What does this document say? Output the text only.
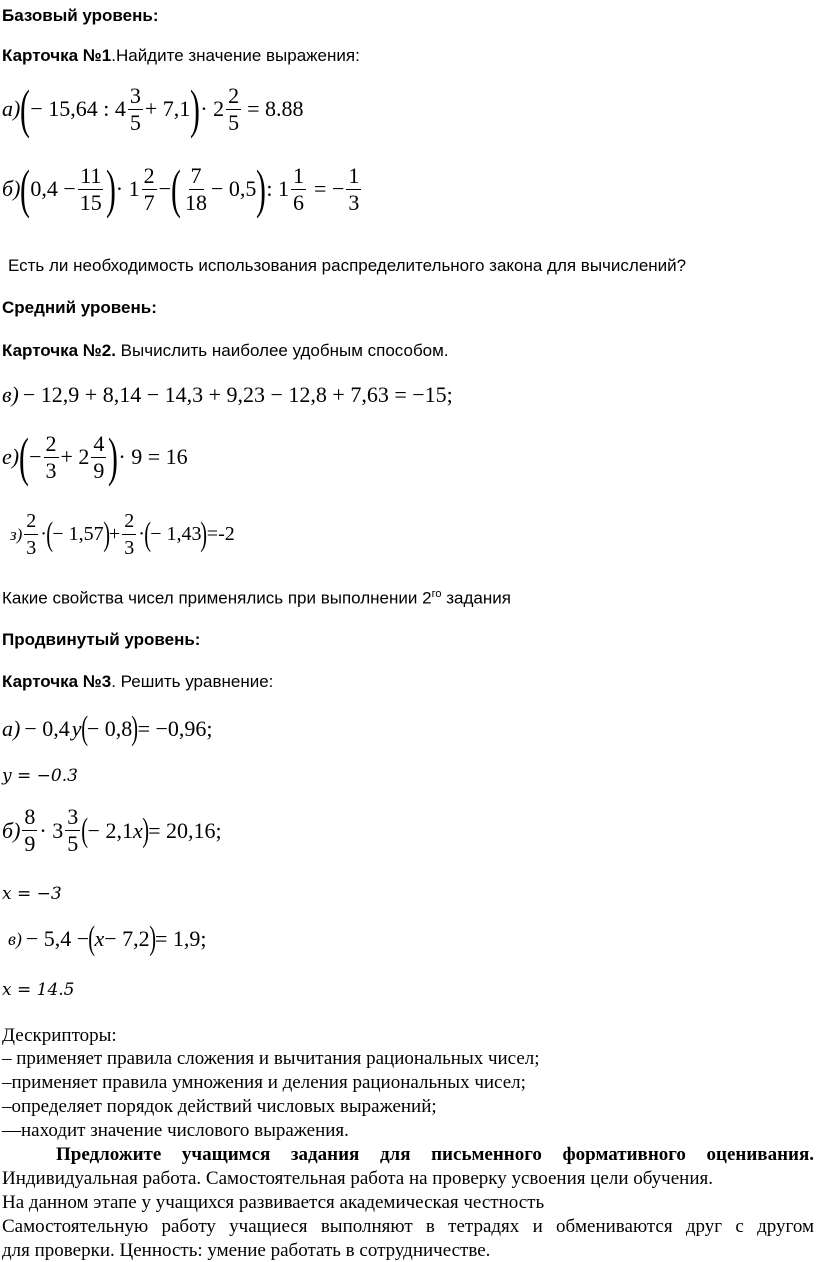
Базовый уровень:
Карточка №1.Найдите значение выражения:
а) ( − 15,64 : $4 \frac{3}{5} + 7,1$ ) · $2 \frac{2}{5} = 8.88$
б) ( $0,4 - \frac{11}{15}$ ) · $1 \frac{2}{7}$ − ( $\frac{7}{18} - 0,5$ ) : $1 \frac{1}{6}$ = − $\frac{1}{3}$
Есть ли необходимость использования распределительного закона для вычислений?
Средний уровень:
Карточка №2. Вычислить наиболее удобным способом.
в) − 12,9 + 8,14 − 14,3 + 9,23 − 12,8 + 7,63 = −15;
е) ( − $\frac{2}{3} + 2 \frac{4}{9}$ ) · 9 = 16
$з) \frac{2}{3}$ · ( − 1,57 ) + $\frac{2}{3}$ · ( − 1,43 ) =-2
Какие свойства чисел применялись при выполнении $2^{го}$ задания
Продвинутый уровень:
Карточка №3. Решить уравнение:
а) − 0,4 y ( − 0,8 ) = −0,96;
y = −0.3
$б) \frac{8}{9} \cdot 3 \frac{3}{5}$ ( − 2,1 x ) = 20,16;
x = −3
в) − 5,4 − ( x − 7,2 ) = 1,9;
x = 14.5
Дескрипторы:
– применяет правила сложения и вычитания рациональных чисел;
–применяет правила умножения и деления рациональных чисел;
–определяет порядок действий числовых выражений;
—находит значение числового выражения.
Предложите учащимся задания для письменного формативного оценивания.
Индивидуальная работа. Самостоятельная работа на проверку усвоения цели обучения.
На данном этапе у учащихся развивается академическая честность
Самостоятельную работу учащиеся выполняют в тетрадях и обмениваются друг с другом
для проверки. Ценность: умение работать в сотрудничестве.
